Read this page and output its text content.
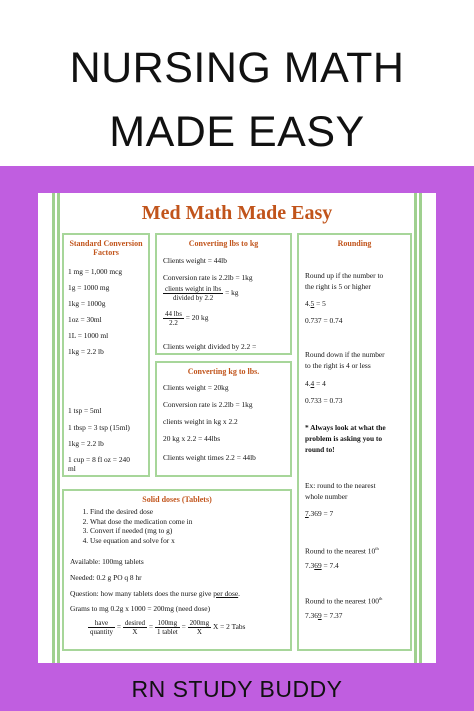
NURSING MATH
MADE EASY
Med Math Made Easy
Standard Conversion Factors
1 mg = 1,000 mcg
1g = 1000 mg
1kg = 1000g
1oz = 30ml
1L = 1000 ml
1kg = 2.2 lb
1 tsp = 5ml
1 tbsp = 3 tsp (15ml)
1kg = 2.2 lb
1 cup = 8 fl oz = 240
ml
Converting lbs to kg
Clients weight = 44lb
Conversion rate is 2.2lb = 1kg
$\frac{\text{clients weight in lbs}}{\text{divided by 2.2}}$ = kg
$\frac{\text{44 lbs}}{2.2} = 20$ kg
Clients weight divided by 2.2 =
Converting kg to lbs.
Clients weight = 20kg
Conversion rate is 2.2lb = 1kg
clients weight in kg x 2.2
20 kg x 2.2 = 44lbs
Clients weight times 2.2 = 44lb
Rounding
Round up if the number to
the right is 5 or higher
4.5 = 5
0.737 = 0.74
Round down if the number
to the right is 4 or less
4.4 = 4
0.733 = 0.73
* Always look at what the
problem is asking you to
round to!
Ex: round to the nearest
whole number
7.369 = 7
Round to the nearest 10th
7.369 = 7.4
Round to the nearest 100th
7.369 = 7.37
Solid doses (Tablets)
1. Find the desired dose
2. What dose the medication come in
3. Convert if needed (mg to g)
4. Use equation and solve for x
Available: 100mg tablets
Needed: 0.2 g PO q 8 hr
Question: how many tablets does the nurse give per dose.
Grams to mg 0.2g x 1000 = 200mg (need dose)
$\frac{\text{have}}{\text{quantity}} = \frac{\text{desired}}{X} = \frac{100mg}{\text{1 tablet}} = \frac{200mg}{X}$ X = 2 Tabs
RN STUDY BUDDY
